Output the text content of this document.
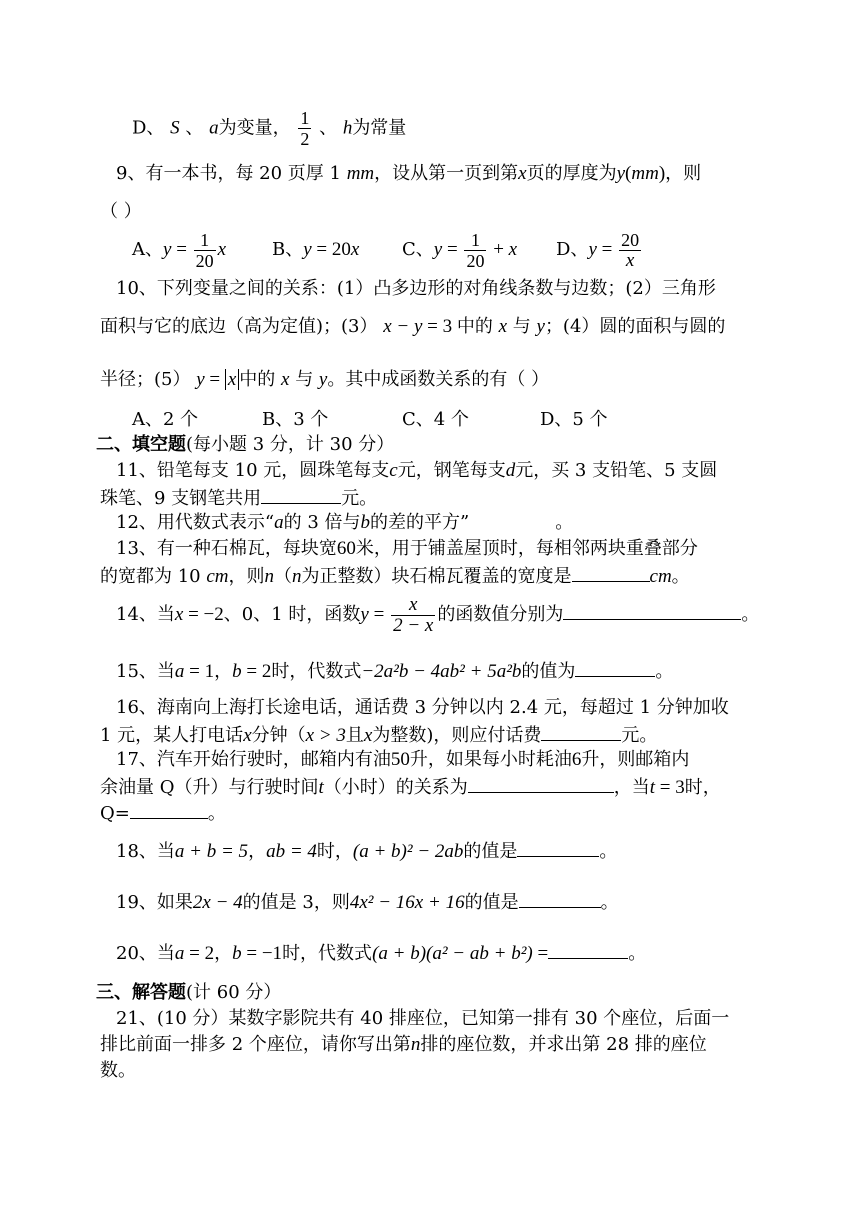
D、 S 、 a为变量， $\frac{1}{2}$ 、 h为常量
9、有一本书，每 20 页厚 1 mm，设从第一页到第x页的厚度为y(mm)，则
（ ）
A、$y = \frac{1}{20}$ x	B、y = 20x C、$y = \frac{1}{20} + x$ D、$y = \frac{20}{x}$
10、下列变量之间的关系：(1）凸多边形的对角线条数与边数；(2）三角形
面积与它的底边（高为定值)；(3） x − y = 3 中的 x 与 y；(4）圆的面积与圆的
半径；(5） y = x 中的 x 与 y。其中成函数关系的有（ ）
A、2 个	B、3 个	C、4 个	D、5 个
二、填空题(每小题 3 分，计 30 分）
11、铅笔每支 10 元，圆珠笔每支c元，钢笔每支d元，买 3 支铅笔、5 支圆
珠笔、9 支钢笔共用	元。
12、用代数式表示“a的 3 倍与b的差的平方”	。
13、有一种石棉瓦，每块宽60米，用于铺盖屋顶时，每相邻两块重叠部分
的宽都为 10 cm，则n（n为正整数）块石棉瓦覆盖的宽度是	cm。
14、当x = −2、0、1 时，函数$y = \frac{x}{2 - x}$ 的函数值分别为	。
15、当a = 1，b = 2时，代数式−2a²b − 4ab² + 5a²b的值为	。
16、海南向上海打长途电话，通话费 3 分钟以内 2.4 元，每超过 1 分钟加收
1 元，某人打电话x分钟（x > 3且x为整数)，则应付话费	元。
17、汽车开始行驶时，邮箱内有油50升，如果每小时耗油6升，则邮箱内
余油量 Q（升）与行驶时间t（小时）的关系为	，当t = 3时，
Q=	。
18、当a + b = 5，ab = 4时，(a + b)² − 2ab的值是	。
19、如果2x − 4的值是 3，则4x² − 16x + 16的值是	。
20、当a = 2，b = −1时，代数式(a + b)(a² − ab + b²) =	。
三、解答题(计 60 分）
21、(10 分）某数字影院共有 40 排座位，已知第一排有 30 个座位，后面一
排比前面一排多 2 个座位，请你写出第n排的座位数，并求出第 28 排的座位
数。
